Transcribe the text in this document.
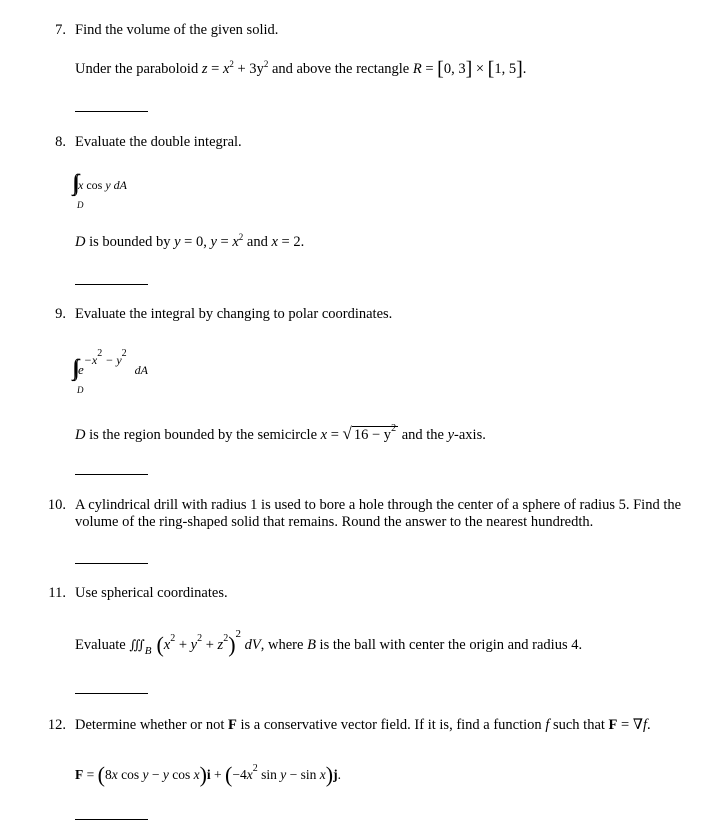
7. Find the volume of the given solid.
Under the paraboloid $z = x^2 + 3y^2$ and above the rectangle R = [0, 3] × [1, 5].
8. Evaluate the double integral.
x cos y dA
D
D is bounded by y = 0, $y = x^2$ and x = 2.
9. Evaluate the integral by changing to polar coordinates.
$e^{-x^2 - y^2}dA$
D
D is the region bounded by the semicircle x = √ $16 - y^2$ and the y-axis.
10. A cylindrical drill with radius 1 is used to bore a hole through the center of a sphere of radius 5. Find the volume of the ring-shaped solid that remains. Round the answer to the nearest hundredth.
11. Use spherical coordinates.
Evaluate ∭ $_B$ $(x^2 + y^2 + z^2)^2$ dV, where B is the ball with center the origin and radius 4.
12. Determine whether or not F is a conservative vector field. If it is, find a function f such that F = ∇f.
F = (8x cos y − y $\cos x)i + (-4x^2$ sin y − sin x)j.
